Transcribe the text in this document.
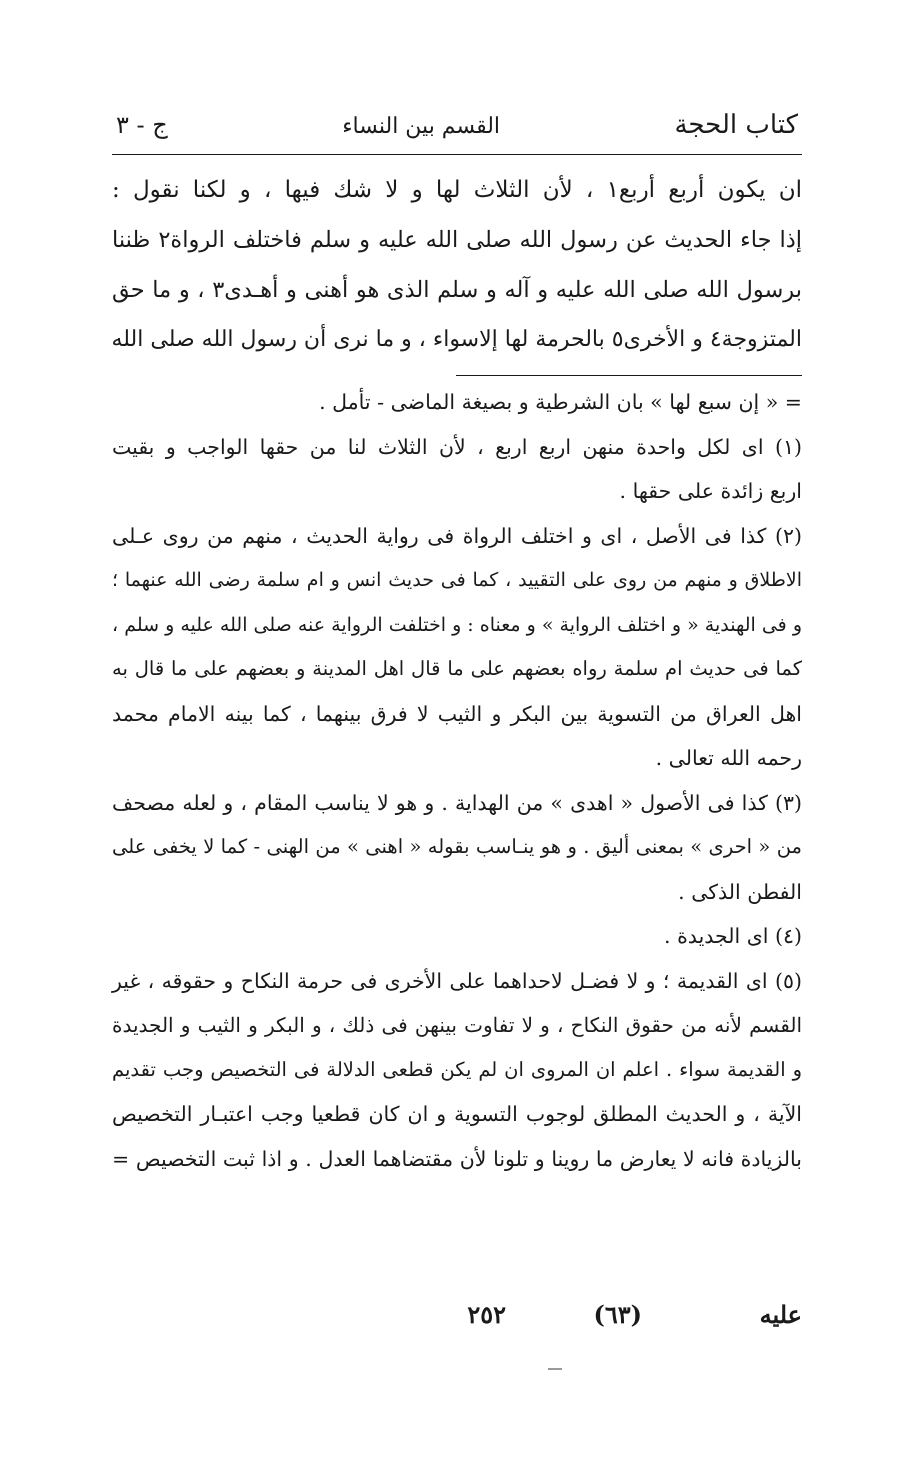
كتاب الحجة
القسم بين النساء
ج - ٣
ان يكون أربع أربع١ ، لأن الثلاث لها و لا شك فيها ، و لكنا نقول :
إذا جاء الحديث عن رسول الله صلى الله عليه و سلم فاختلف الرواة٢ ظننا
برسول الله صلى الله عليه و آله و سلم الذى هو أهنى و أهـدى٣ ، و ما حق
المتزوجة٤ و الأخرى٥ بالحرمة لها إلاسواء ، و ما نرى أن رسول الله صلى الله
= « إن سبع لها » بان الشرطية و بصيغة الماضى - تأمل .
(١) اى لكل واحدة منهن اربع اربع ، لأن الثلاث لنا من حقها الواجب و بقيت
اربع زائدة على حقها .
(٢) كذا فى الأصل ، اى و اختلف الرواة فى رواية الحديث ، منهم من روى عـلى
الاطلاق و منهم من روى على التقييد ، كما فى حديث انس و ام سلمة رضى الله عنهما ؛
و فى الهندية « و اختلف الرواية » و معناه : و اختلفت الرواية عنه صلى الله عليه و سلم ،
كما فى حديث ام سلمة رواه بعضهم على ما قال اهل المدينة و بعضهم على ما قال به
اهل العراق من التسوية بين البكر و الثيب لا فرق بينهما ، كما بينه الامام محمد
رحمه الله تعالى .
(٣) كذا فى الأصول « اهدى » من الهداية . و هو لا يناسب المقام ، و لعله مصحف
من « احرى » بمعنى أليق . و هو ينـاسب بقوله « اهنى » من الهنى - كما لا يخفى على
الفطن الذكى .
(٤) اى الجديدة .
(٥) اى القديمة ؛ و لا فضـل لاحداهما على الأخرى فى حرمة النكاح و حقوقه ، غير
القسم لأنه من حقوق النكاح ، و لا تفاوت بينهن فى ذلك ، و البكر و الثيب و الجديدة
و القديمة سواء . اعلم ان المروى ان لم يكن قطعى الدلالة فى التخصيص وجب تقديم
الآية ، و الحديث المطلق لوجوب التسوية و ان كان قطعيا وجب اعتبـار التخصيص
بالزيادة فانه لا يعارض ما روينا و تلونا لأن مقتضاهما العدل . و اذا ثبت التخصيص =
عليه
(٦٣)
٢٥٢
